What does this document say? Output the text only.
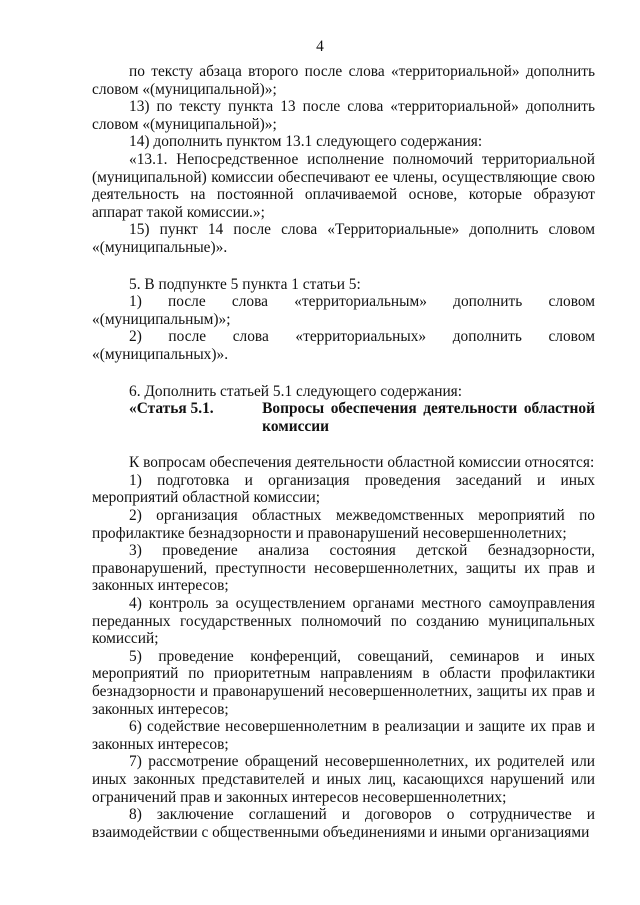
4

по тексту абзаца второго после слова «территориальной» дополнить словом «(муниципальной)»;

13) по тексту пункта 13 после слова «территориальной» дополнить словом «(муниципальной)»;

14) дополнить пунктом 13.1 следующего содержания:

«13.1. Непосредственное исполнение полномочий территориальной (муниципальной) комиссии обеспечивают ее члены, осуществляющие свою деятельность на постоянной оплачиваемой основе, которые образуют аппарат такой комиссии.»;

15) пункт 14 после слова «Территориальные» дополнить словом «(муниципальные)».

5. В подпункте 5 пункта 1 статьи 5:

1) после слова «территориальным» дополнить словом «(муниципальным)»;

2) после слова «территориальных» дополнить словом «(муниципальных)».

6. Дополнить статьей 5.1 следующего содержания:

«Статья 5.1.
	Вопросы обеспечения деятельности областной комиссии

К вопросам обеспечения деятельности областной комиссии относятся:

1) подготовка и организация проведения заседаний и иных мероприятий областной комиссии;

2) организация областных межведомственных мероприятий по профилактике безнадзорности и правонарушений несовершеннолетних;

3) проведение анализа состояния детской безнадзорности, правонарушений, преступности несовершеннолетних, защиты их прав и законных интересов;

4) контроль за осуществлением органами местного самоуправления переданных государственных полномочий по созданию муниципальных комиссий;

5) проведение конференций, совещаний, семинаров и иных мероприятий по приоритетным направлениям в области профилактики безнадзорности и правонарушений несовершеннолетних, защиты их прав и законных интересов;

6) содействие несовершеннолетним в реализации и защите их прав и законных интересов;

7) рассмотрение обращений несовершеннолетних, их родителей или иных законных представителей и иных лиц, касающихся нарушений или ограничений прав и законных интересов несовершеннолетних;

8) заключение соглашений и договоров о сотрудничестве и взаимодействии с общественными объединениями и иными организациями
